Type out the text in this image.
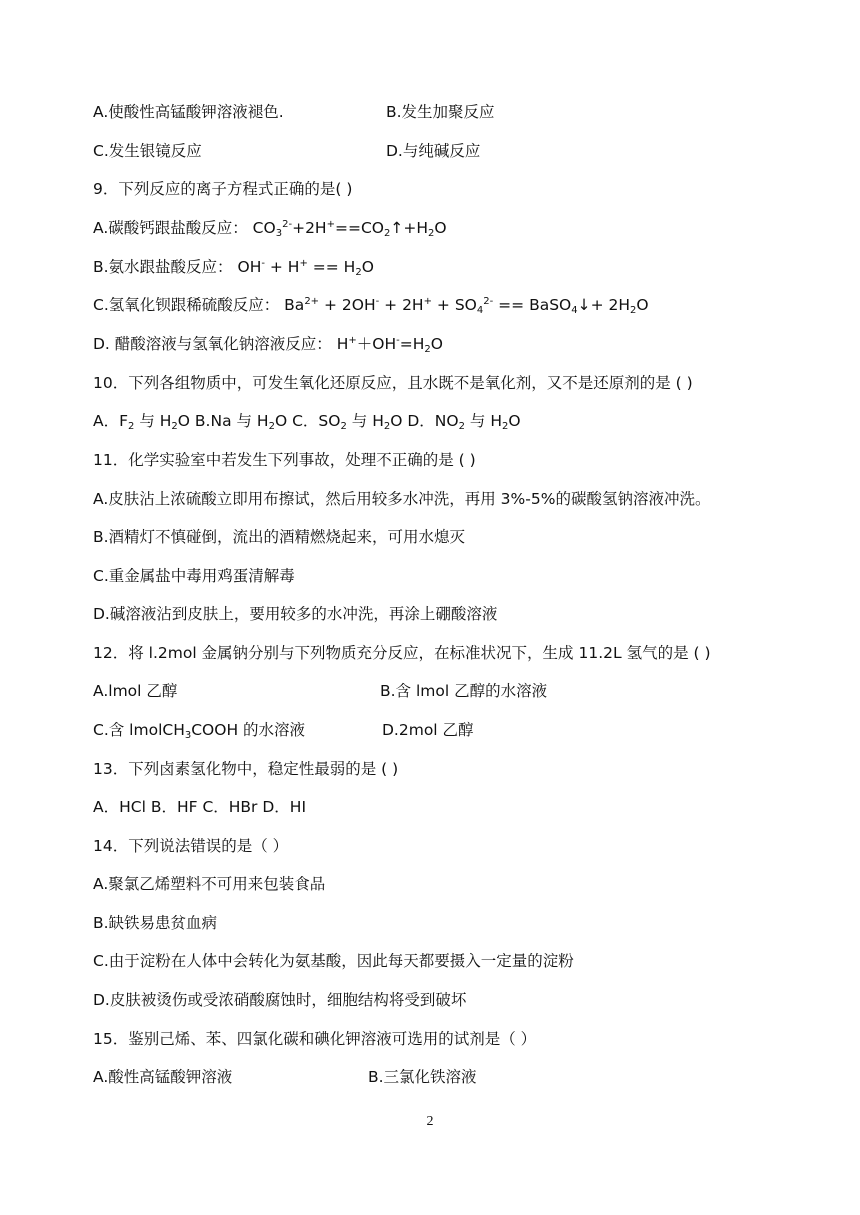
A.使酸性高锰酸钾溶液褪色.	B.发生加聚反应
C.发生银镜反应	D.与纯碱反应
9．下列反应的离子方程式正确的是( )
A.碳酸钙跟盐酸反应： $CO_3^{2-}+2H^+==CO_2↑+H_2O$
B.氨水跟盐酸反应： $OH^- + H^+ == H_2O$
C.氢氧化钡跟稀硫酸反应： $Ba^{2+} + 2OH^- + 2H^+ + SO_4^{2-}$ == BaSO$_4$↓+ $2H_2O$
D. 醋酸溶液与氢氧化钠溶液反应： $H^++OH^-=H_2O$
10．下列各组物质中，可发生氧化还原反应，且水既不是氧化剂，又不是还原剂的是 ( )
A．$F_2$ 与 $H_2O$ B.Na 与 $H_2O$ C．$SO_2$ 与 $H_2O$ D．$NO_2$ 与 $H_2O$
11．化学实验室中若发生下列事故，处理不正确的是 ( )
A.皮肤沾上浓硫酸立即用布擦试，然后用较多水冲洗，再用 3%-5%的碳酸氢钠溶液冲洗。
B.酒精灯不慎碰倒，流出的酒精燃烧起来，可用水熄灭
C.重金属盐中毒用鸡蛋清解毒
D.碱溶液沾到皮肤上，要用较多的水冲洗，再涂上硼酸溶液
12．将 l.2mol 金属钠分别与下列物质充分反应，在标准状况下，生成 11.2L 氢气的是 ( )
A.lmol 乙醇	B.含 lmol 乙醇的水溶液
C.含 lmolCH$_3$COOH 的水溶液	D.2mol 乙醇
13．下列卤素氢化物中，稳定性最弱的是 ( )
A．HCl B．HF C．HBr D．HI
14．下列说法错误的是（ ）
A.聚氯乙烯塑料不可用来包装食品
B.缺铁易患贫血病
C.由于淀粉在人体中会转化为氨基酸，因此每天都要摄入一定量的淀粉
D.皮肤被烫伤或受浓硝酸腐蚀时，细胞结构将受到破坏
15．鉴别己烯、苯、四氯化碳和碘化钾溶液可选用的试剂是（ ）
A.酸性高锰酸钾溶液	B.三氯化铁溶液
2
